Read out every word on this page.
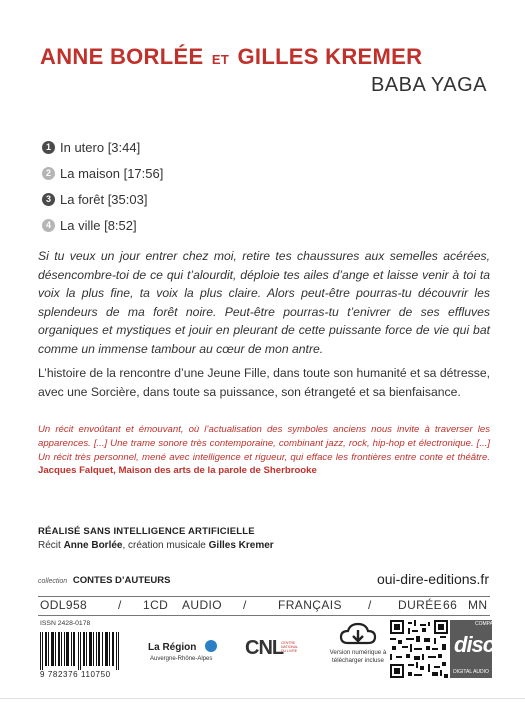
ANNE BORLÉE ET GILLES KREMER
BABA YAGA
1 In utero [3:44]
2 La maison [17:56]
3 La forêt [35:03]
4 La ville [8:52]
Si tu veux un jour entrer chez moi, retire tes chaussures aux semelles acérées, désencombre-toi de ce qui t’alourdit, déploie tes ailes d’ange et laisse venir à toi ta voix la plus fine, ta voix la plus claire. Alors peut-être pourras-tu découvrir les splendeurs de ma forêt noire. Peut-être pourras-tu t’enivrer de ses effluves organiques et mystiques et jouir en pleurant de cette puissante force de vie qui bat comme un immense tambour au cœur de mon antre.
L’histoire de la rencontre d’une Jeune Fille, dans toute son humanité et sa détresse, avec une Sorcière, dans toute sa puissance, son étrangeté et sa bienfaisance.
Un récit envoûtant et émouvant, où l’actualisation des symboles anciens nous invite à traverser les apparences. [...] Une trame sonore très contemporaine, combinant jazz, rock, hip-hop et électronique. [...] Un récit très personnel, mené avec intelligence et rigueur, qui efface les frontières entre conte et théâtre. Jacques Falquet, Maison des arts de la parole de Sherbrooke
RÉALISÉ SANS INTELLIGENCE ARTIFICIELLE
Récit Anne Borlée, création musicale Gilles Kremer
collection CONTES D’AUTEURS	oui-dire-editions.fr
ODL958	/ 1CD AUDIO /	FRANÇAIS / DURÉE 66 MN
ISSN 2428-0178
9 782376 110750
La Région
Auvergne-Rhône-Alpes CNL
CENTRE NATIONAL DU LIVRE	Version numérique à télécharger incluse
COMPACT
disc
DIGITAL AUDIO
